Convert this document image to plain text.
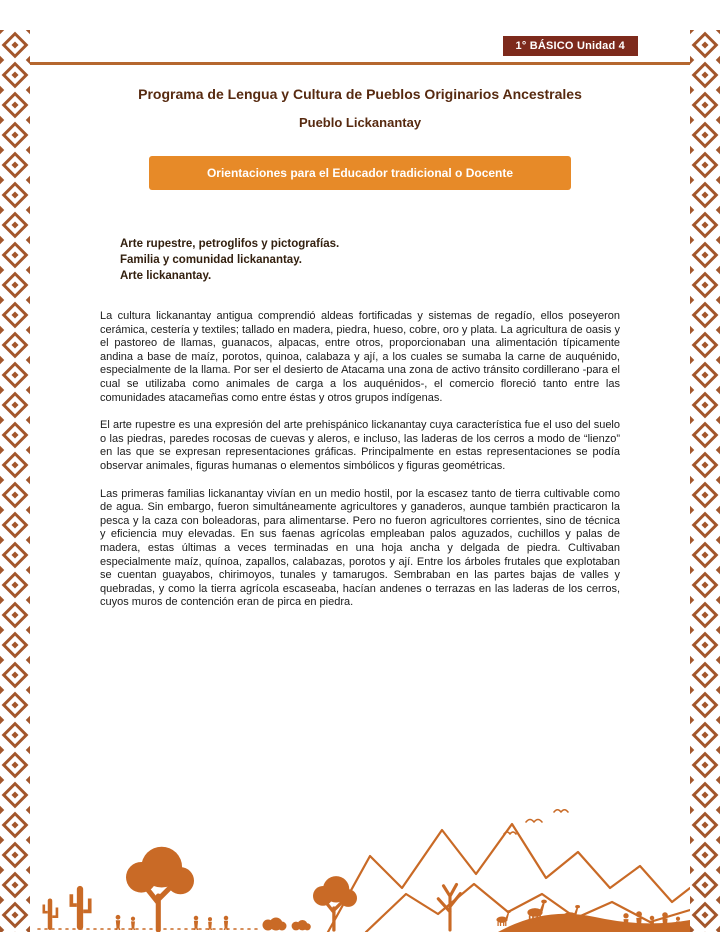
1° BÁSICO Unidad 4
Programa de Lengua y Cultura de Pueblos Originarios Ancestrales
Pueblo Lickanantay
Orientaciones para el Educador tradicional o Docente

Arte rupestre, petroglifos y pictografías.

Familia y comunidad lickanantay.

Arte lickanantay.

La cultura lickanantay antigua comprendió aldeas fortificadas y sistemas de regadío, ellos poseyeron cerámica, cestería y textiles; tallado en madera, piedra, hueso, cobre, oro y plata. La agricultura de oasis y el pastoreo de llamas, guanacos, alpacas, entre otros, proporcionaban una alimentación típicamente andina a base de maíz, porotos, quinoa, calabaza y ají, a los cuales se sumaba la carne de auquénido, especialmente de la llama. Por ser el desierto de Atacama una zona de activo tránsito cordillerano -para el cual se utilizaba como animales de carga a los auquénidos-, el comercio floreció tanto entre las comunidades atacameñas como entre éstas y otros grupos indígenas.

El arte rupestre es una expresión del arte prehispánico lickanantay cuya característica fue el uso del suelo o las piedras, paredes rocosas de cuevas y aleros, e incluso, las laderas de los cerros a modo de “lienzo” en las que se expresan representaciones gráficas. Principalmente en estas representaciones se podía observar animales, figuras humanas o elementos simbólicos y figuras geométricas.

Las primeras familias lickanantay vivían en un medio hostil, por la escasez tanto de tierra cultivable como de agua. Sin embargo, fueron simultáneamente agricultores y ganaderos, aunque también practicaron la pesca y la caza con boleadoras, para alimentarse. Pero no fueron agricultores corrientes, sino de técnica y eficiencia muy elevadas. En sus faenas agrícolas empleaban palos aguzados, cuchillos y palas de madera, estas últimas a veces terminadas en una hoja ancha y delgada de piedra. Cultivaban especialmente maíz, quínoa, zapallos, calabazas, porotos y ají. Entre los árboles frutales que explotaban se cuentan guayabos, chirimoyos, tunales y tamarugos. Sembraban en las partes bajas de valles y quebradas, y como la tierra agrícola escaseaba, hacían andenes o terrazas en las laderas de los cerros, cuyos muros de contención eran de pirca en piedra.
